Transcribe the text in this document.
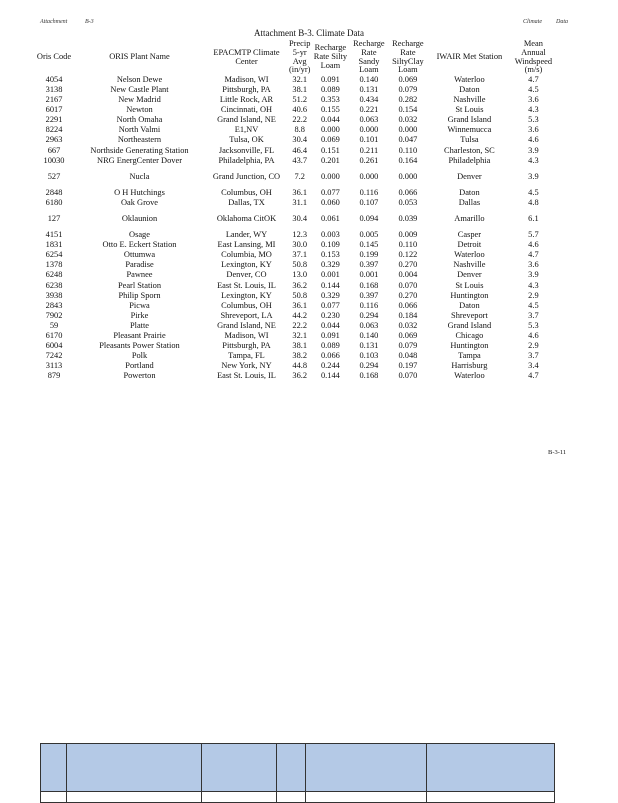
Attachment	B-3	Climate Data
Attachment B-3. Climate Data
Oris Code	ORIS Plant Name	EPACMTP Climate Center	Precip 5-yr Avg (in/yr)	Recharge Rate Silty Loam	Recharge Rate Sandy Loam	Recharge Rate SiltyClay Loam	IWAIR Met Station	Mean Annual Windspeed (m/s)
4054	Nelson Dewe	Madison, WI	32.1	0.091	0.140	0.069	Waterloo	4.7
3138	New Castle Plant	Pittsburgh, PA	38.1	0.089	0.131	0.079	Daton	4.5
2167	New Madrid	Little Rock, AR	51.2	0.353	0.434	0.282	Nashville	3.6
6017	Newton	Cincinnati, OH	40.6	0.155	0.221	0.154	St Louis	4.3
2291	North Omaha	Grand Island, NE	22.2	0.044	0.063	0.032	Grand Island	5.3
8224	North Valmi	E1,NV	8.8	0.000	0.000	0.000	Winnemucca	3.6
2963	Northeastern	Tulsa, OK	30.4	0.069	0.101	0.047	Tulsa	4.6
667	Northside Generating Station	Jacksonville, FL	46.4	0.151	0.211	0.110	Charleston, SC	3.9
10030	NRG EnergCenter Dover	Philadelphia, PA	43.7	0.201	0.261	0.164	Philadelphia	4.3

527	Nucla	Grand Junction, CO	7.2	0.000	0.000	0.000	Denver	3.9

2848	O H Hutchings	Columbus, OH	36.1	0.077	0.116	0.066	Daton	4.5
6180	Oak Grove	Dallas, TX	31.1	0.060	0.107	0.053	Dallas	4.8

127	Oklaunion	Oklahoma CitOK	30.4	0.061	0.094	0.039	Amarillo	6.1

4151	Osage	Lander, WY	12.3	0.003	0.005	0.009	Casper	5.7
1831	Otto E. Eckert Station	East Lansing, MI	30.0	0.109	0.145	0.110	Detroit	4.6
6254	Ottumwa	Columbia, MO	37.1	0.153	0.199	0.122	Waterloo	4.7
1378	Paradise	Lexington, KY	50.8	0.329	0.397	0.270	Nashville	3.6
6248	Pawnee	Denver, CO	13.0	0.001	0.001	0.004	Denver	3.9
6238	Pearl Station	East St. Louis, IL	36.2	0.144	0.168	0.070	St Louis	4.3
3938	Philip Sporn	Lexington, KY	50.8	0.329	0.397	0.270	Huntington	2.9
2843	Picwa	Columbus, OH	36.1	0.077	0.116	0.066	Daton	4.5
7902	Pirke	Shreveport, LA	44.2	0.230	0.294	0.184	Shreveport	3.7
59	Platte	Grand Island, NE	22.2	0.044	0.063	0.032	Grand Island	5.3
6170	Pleasant Prairie	Madison, WI	32.1	0.091	0.140	0.069	Chicago	4.6
6004	Pleasants Power Station	Pittsburgh, PA	38.1	0.089	0.131	0.079	Huntington	2.9
7242	Polk	Tampa, FL	38.2	0.066	0.103	0.048	Tampa	3.7
3113	Portland	New York, NY	44.8	0.244	0.294	0.197	Harrisburg	3.4
879	Powerton	East St. Louis, IL	36.2	0.144	0.168	0.070	Waterloo	4.7
B-3-11
